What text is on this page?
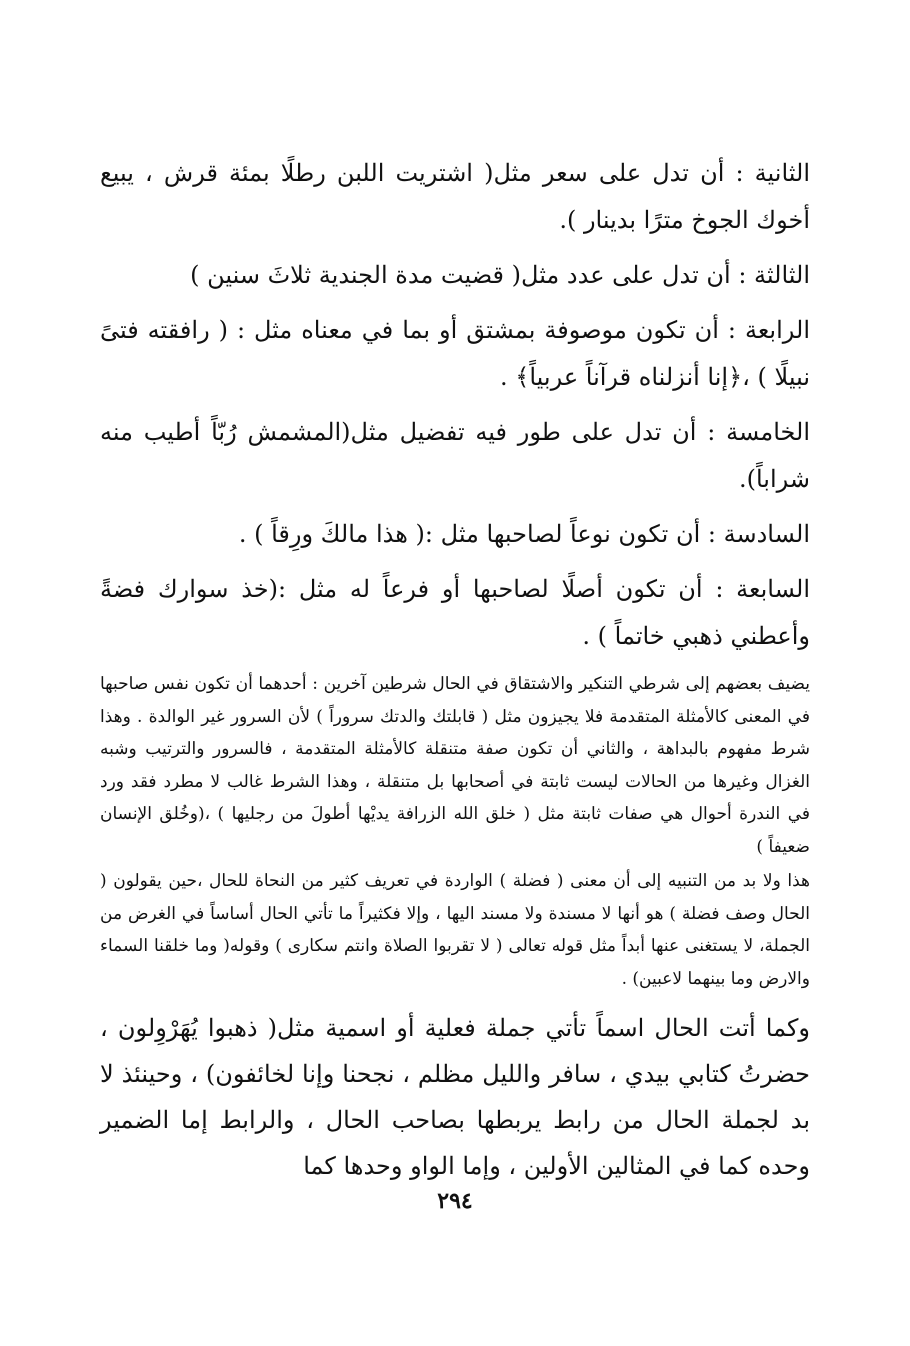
الثانية : أن تدل على سعر مثل( اشتريت اللبن رطلًا بمئة قرش ، يبيع أخوك الجوخ مترًا بدينار ).

الثالثة : أن تدل على عدد مثل( قضيت مدة الجندية ثلاثَ سنين )

الرابعة : أن تكون موصوفة بمشتق أو بما في معناه مثل : ( رافقته فتىً نبيلًا ) ،﴿إنا أنزلناه قرآناً عربياً﴾ .

الخامسة : أن تدل على طور فيه تفضيل مثل(المشمش رُبّاً أطيب منه شراباً).

السادسة : أن تكون نوعاً لصاحبها مثل :( هذا مالكَ ورِقاً ) .

السابعة : أن تكون أصلًا لصاحبها أو فرعاً له مثل :(خذ سوارك فضةً وأعطني ذهبي خاتماً ) .

يضيف بعضهم إلى شرطي التنكير والاشتقاق في الحال شرطين آخرين : أحدهما أن تكون نفس صاحبها في المعنى كالأمثلة المتقدمة فلا يجيزون مثل ( قابلتك والدتك سروراً ) لأن السرور غير الوالدة . وهذا شرط مفهوم بالبداهة ، والثاني أن تكون صفة متنقلة كالأمثلة المتقدمة ، فالسرور والترتيب وشبه الغزال وغيرها من الحالات ليست ثابتة في أصحابها بل متنقلة ، وهذا الشرط غالب لا مطرد فقد ورد في الندرة أحوال هي صفات ثابتة مثل ( خلق الله الزرافة يديْها أطولَ من رجليها ) ،(وخُلق الإنسان ضعيفاً )

هذا ولا بد من التنبيه إلى أن معنى ( فضلة ) الواردة في تعريف كثير من النحاة للحال ،حين يقولون ( الحال وصف فضلة ) هو أنها لا مسندة ولا مسند اليها ، وإلا فكثيراً ما تأتي الحال أساساً في الغرض من الجملة، لا يستغنى عنها أبداً مثل قوله تعالى ( لا تقربوا الصلاة وانتم سكارى ) وقوله( وما خلقنا السماء والارض وما بينهما لاعبين) .

وكما أتت الحال اسماً تأتي جملة فعلية أو اسمية مثل( ذهبوا يُهَرْوِلون ، حضرتُ كتابي بيدي ، سافر والليل مظلم ، نجحنا وإنا لخائفون) ، وحينئذ لا بد لجملة الحال من رابط يربطها بصاحب الحال ، والرابط إما الضمير وحده كما في المثالين الأولين ، وإما الواو وحدها كما

٢٩٤
